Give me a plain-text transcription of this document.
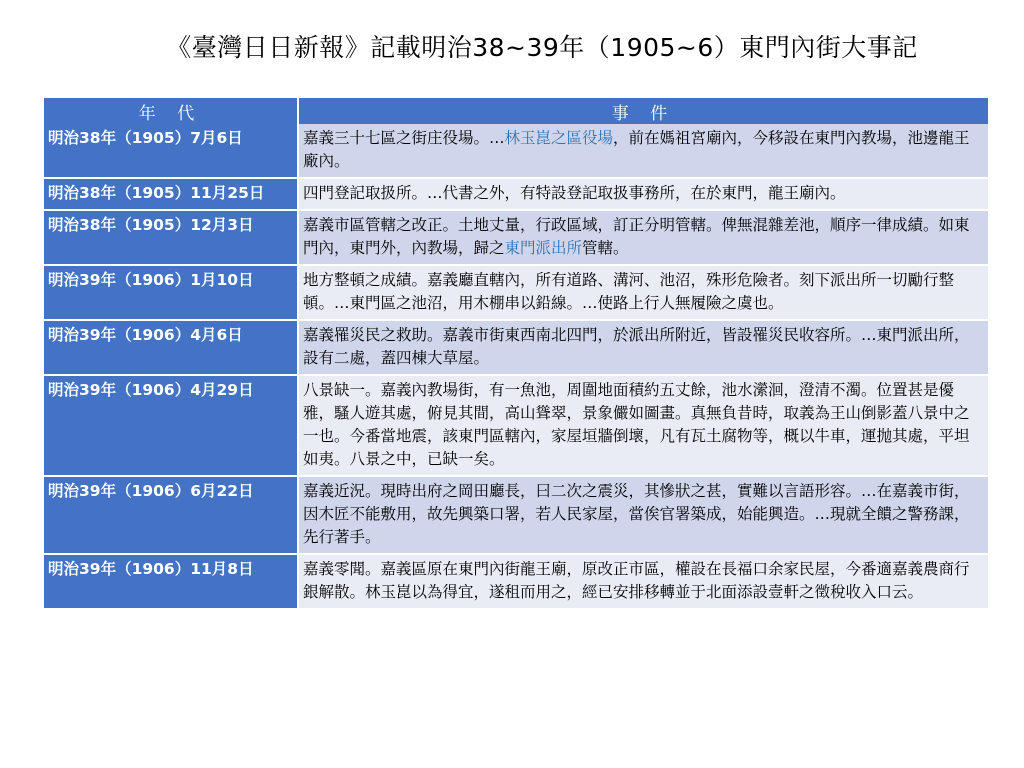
《臺灣日日新報》記載明治38~39年（1905~6）東門內街大事記
年 代	事 件
明治38年（1905）7月6日	嘉義三十七區之街庄役場。…林玉崑之區役場，前在媽祖宮廟內，今移設在東門內教場，池邊龍王廠內。
明治38年（1905）11月25日	四門登記取扱所。…代書之外，有特設登記取扱事務所，在於東門，龍王廟內。
明治38年（1905）12月3日	嘉義市區管轄之改正。土地丈量，行政區域，訂正分明管轄。俾無混雜差池，順序一律成績。如東門內，東門外，內教場，歸之東門派出所管轄。
明治39年（1906）1月10日	地方整頓之成績。嘉義廳直轄內，所有道路、溝河、池沼，殊形危險者。刻下派出所一切勵行整頓。…東門區之池沼，用木棚串以鉛線。…使路上行人無履險之虞也。
明治39年（1906）4月6日	嘉義罹災民之救助。嘉義市街東西南北四門，於派出所附近，皆設罹災民收容所。…東門派出所，設有二處，蓋四棟大草屋。
明治39年（1906）4月29日	八景缺一。嘉義內教場街，有一魚池，周圍地面積約五丈餘，池水瀠洄，澄清不濁。位置甚是優雅，騷人遊其處，俯見其間，高山聳翠，景象儼如圖畫。真無負昔時，取義為王山倒影蓋八景中之一也。今番當地震，該東門區轄內，家屋垣牆倒壞，凡有瓦土腐物等，概以牛車，運抛其處，平坦如夷。八景之中，已缺一矣。
明治39年（1906）6月22日	嘉義近況。現時出府之岡田廳長，曰二次之震災，其慘狀之甚，實難以言語形容。…在嘉義市街，因木匠不能敷用，故先興築口署，若人民家屋，當俟官署築成，始能興造。…現就全饋之警務課，先行著手。
明治39年（1906）11月8日	嘉義零聞。嘉義區原在東門內街龍王廟，原改正市區，權設在長福口余家民屋，今番適嘉義農商行銀解散。林玉崑以為得宜，遂租而用之，經已安排移轉並于北面添設壹軒之徵稅收入口云。
